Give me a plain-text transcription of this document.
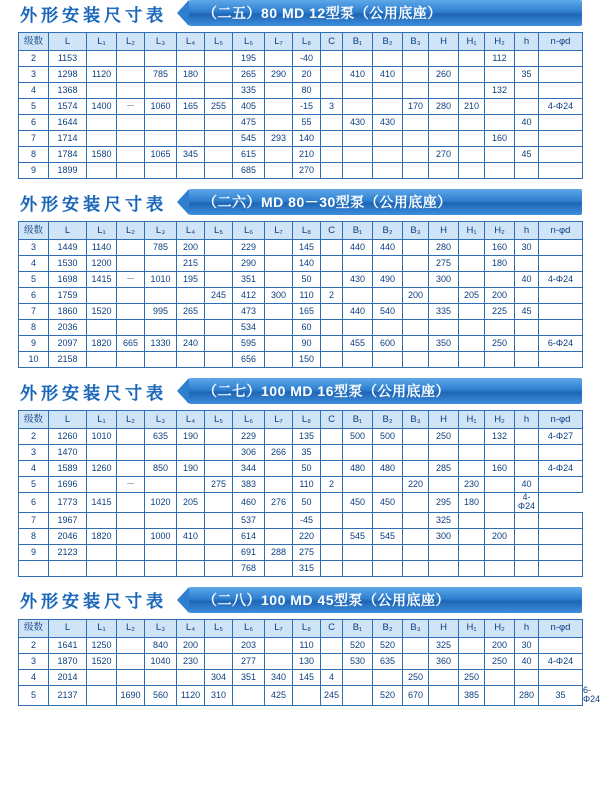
外形安装尺寸表	（二五）80 MD 12型泵（公用底座）
级数	L	L₁	L₂	L₃	L₄	L₅	L₆	L₇	L₈	C	B₁	B₂	B₃	H	H₁	H₂	h	n-φd
2	1153						195		-40							112		
3	1298	1120		785	180		265	290	20		410	410		260			35	
4	1368						335		80							132		
5	1574	1400	－	1060	165	255	405		-15	3			170	280	210			4-Φ24
6	1644						475		55		430	430					40	
7	1714						545	293	140							160		
8	1784	1580		1065	345		615		210					270			45	
9	1899						685		270									
外形安装尺寸表	（二六）MD 80－30型泵（公用底座）
级数	L	L₁	L₂	L₃	L₄	L₅	L₆	L₇	L₈	C	B₁	B₂	B₃	H	H₁	H₂	h	n-φd
3	1449	1140		785	200		229		145		440	440		280		160	30	
4	1530	1200			215		290		140					275		180		
5	1698	1415	－	1010	195		351		50		430	490		300			40	4-Φ24
6	1759					245	412	300	110	2			200		205	200		
7	1860	1520		995	265		473		165		440	540		335		225	45	
8	2036						534		60									
9	2097	1820	665	1330	240		595		90		455	600		350		250		6-Φ24
10	2158						656		150									
外形安装尺寸表	（二七）100 MD 16型泵（公用底座）
级数	L	L₁	L₂	L₃	L₄	L₅	L₆	L₇	L₈	C	B₁	B₂	B₃	H	H₁	H₂	h	n-φd
2	1260	1010		635	190		229		135		500	500		250		132		4-Φ27
3	1470						306	266	35									
4	1589	1260		850	190		344		50		480	480		285		160		4-Φ24
5	1696		－			275	383		110	2			220		230		40	
6	1773	1415		1020	205		460	276	50		450	450		295	180		4-Φ24	
7	1967						537		-45					325				
8	2046	1820		1000	410		614		220		545	545		300		200		
9	2123						691	288	275									
							768		315									
外形安装尺寸表	（二八）100 MD 45型泵（公用底座）
级数	L	L₁	L₂	L₃	L₄	L₅	L₆	L₇	L₈	C	B₁	B₂	B₃	H	H₁	H₂	h	n-φd	
2	1641	1250		840	200		203		110		520	520		325		200	30		
3	1870	1520		1040	230		277		130		530	635		360		250	40	4-Φ24	
4	2014					304	351	340	145	4			250		250				
5	2137		1690	560	1120	310		425		245		520	670		385		280	35	6-Φ24
